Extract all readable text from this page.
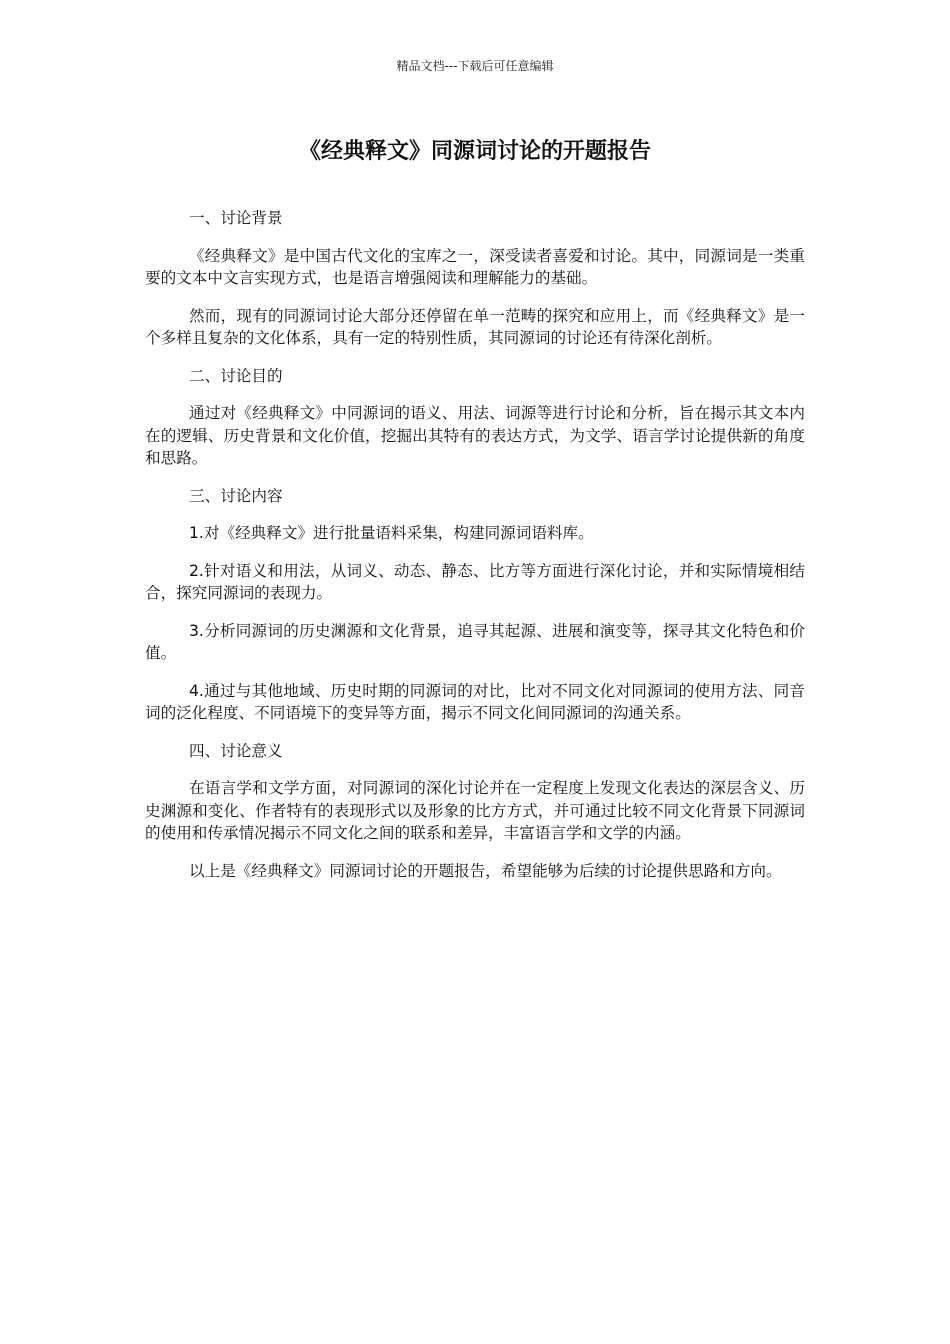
精品文档---下载后可任意编辑
《经典释文》同源词讨论的开题报告

一、讨论背景

《经典释文》是中国古代文化的宝库之一，深受读者喜爱和讨论。其中，同源词是一类重要的文本中文言实现方式，也是语言增强阅读和理解能力的基础。

然而，现有的同源词讨论大部分还停留在单一范畴的探究和应用上，而《经典释文》是一个多样且复杂的文化体系，具有一定的特别性质，其同源词的讨论还有待深化剖析。

二、讨论目的

通过对《经典释文》中同源词的语义、用法、词源等进行讨论和分析，旨在揭示其文本内在的逻辑、历史背景和文化价值，挖掘出其特有的表达方式，为文学、语言学讨论提供新的角度和思路。

三、讨论内容

1.对《经典释文》进行批量语料采集，构建同源词语料库。

2.针对语义和用法，从词义、动态、静态、比方等方面进行深化讨论，并和实际情境相结合，探究同源词的表现力。

3.分析同源词的历史渊源和文化背景，追寻其起源、进展和演变等，探寻其文化特色和价值。

4.通过与其他地域、历史时期的同源词的对比，比对不同文化对同源词的使用方法、同音词的泛化程度、不同语境下的变异等方面，揭示不同文化间同源词的沟通关系。

四、讨论意义

在语言学和文学方面，对同源词的深化讨论并在一定程度上发现文化表达的深层含义、历史渊源和变化、作者特有的表现形式以及形象的比方方式，并可通过比较不同文化背景下同源词的使用和传承情况揭示不同文化之间的联系和差异，丰富语言学和文学的内涵。

以上是《经典释文》同源词讨论的开题报告，希望能够为后续的讨论提供思路和方向。
